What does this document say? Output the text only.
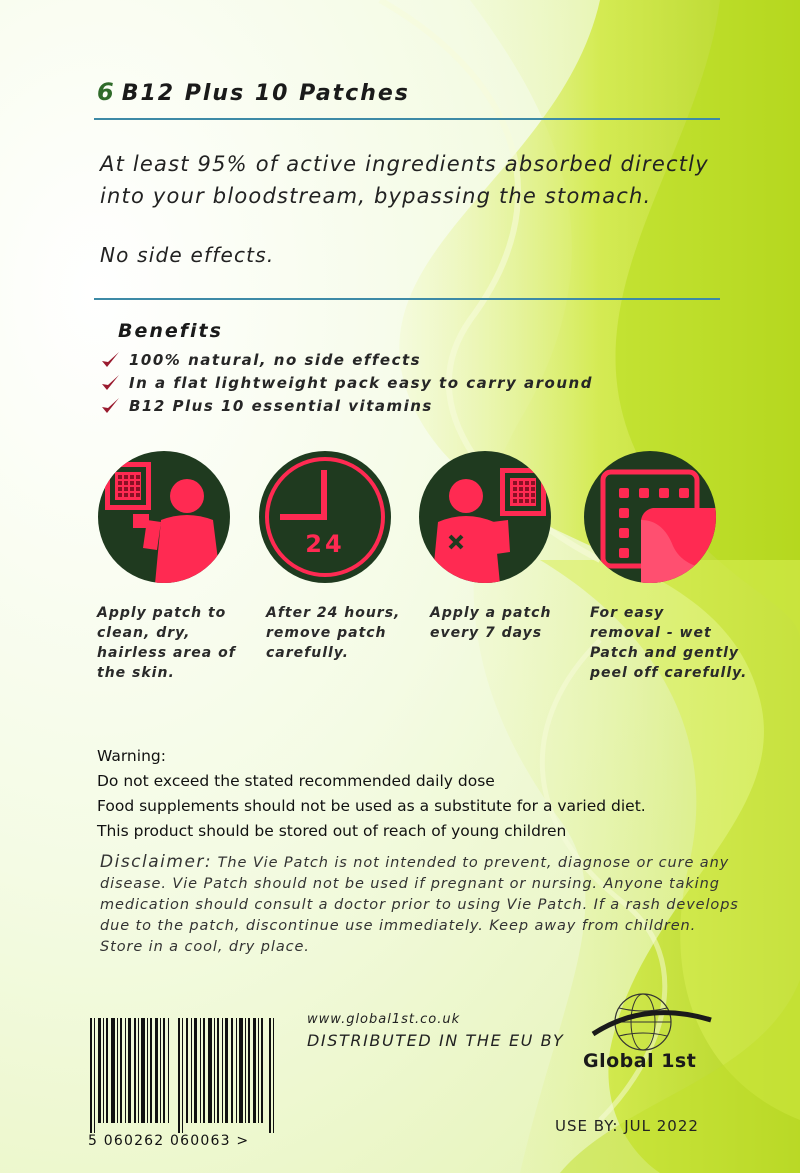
6 B12 Plus 10 Patches
At least 95% of active ingredients absorbed directly into your bloodstream, bypassing the stomach.
No side effects.
Benefits
100% natural, no side effects
In a flat lightweight pack easy to carry around
B12 Plus 10 essential vitamins
24
Apply patch to
clean, dry,
hairless area of
the skin.
After 24 hours,
remove patch
carefully.
Apply a patch
every 7 days
For easy
removal - wet
Patch and gently
peel off carefully.
Warning:
Do not exceed the stated recommended daily dose
Food supplements should not be used as a substitute for a varied diet.
This product should be stored out of reach of young children
Disclaimer: The Vie Patch is not intended to prevent, diagnose or cure any disease. Vie Patch should not be used if pregnant or nursing. Anyone taking medication should consult a doctor prior to using Vie Patch. If a rash develops due to the patch, discontinue use immediately. Keep away from children. Store in a cool, dry place.
5 060262 060063 >
www.global1st.co.uk
DISTRIBUTED IN THE EU BY
Global 1st
USE BY: JUL 2022
